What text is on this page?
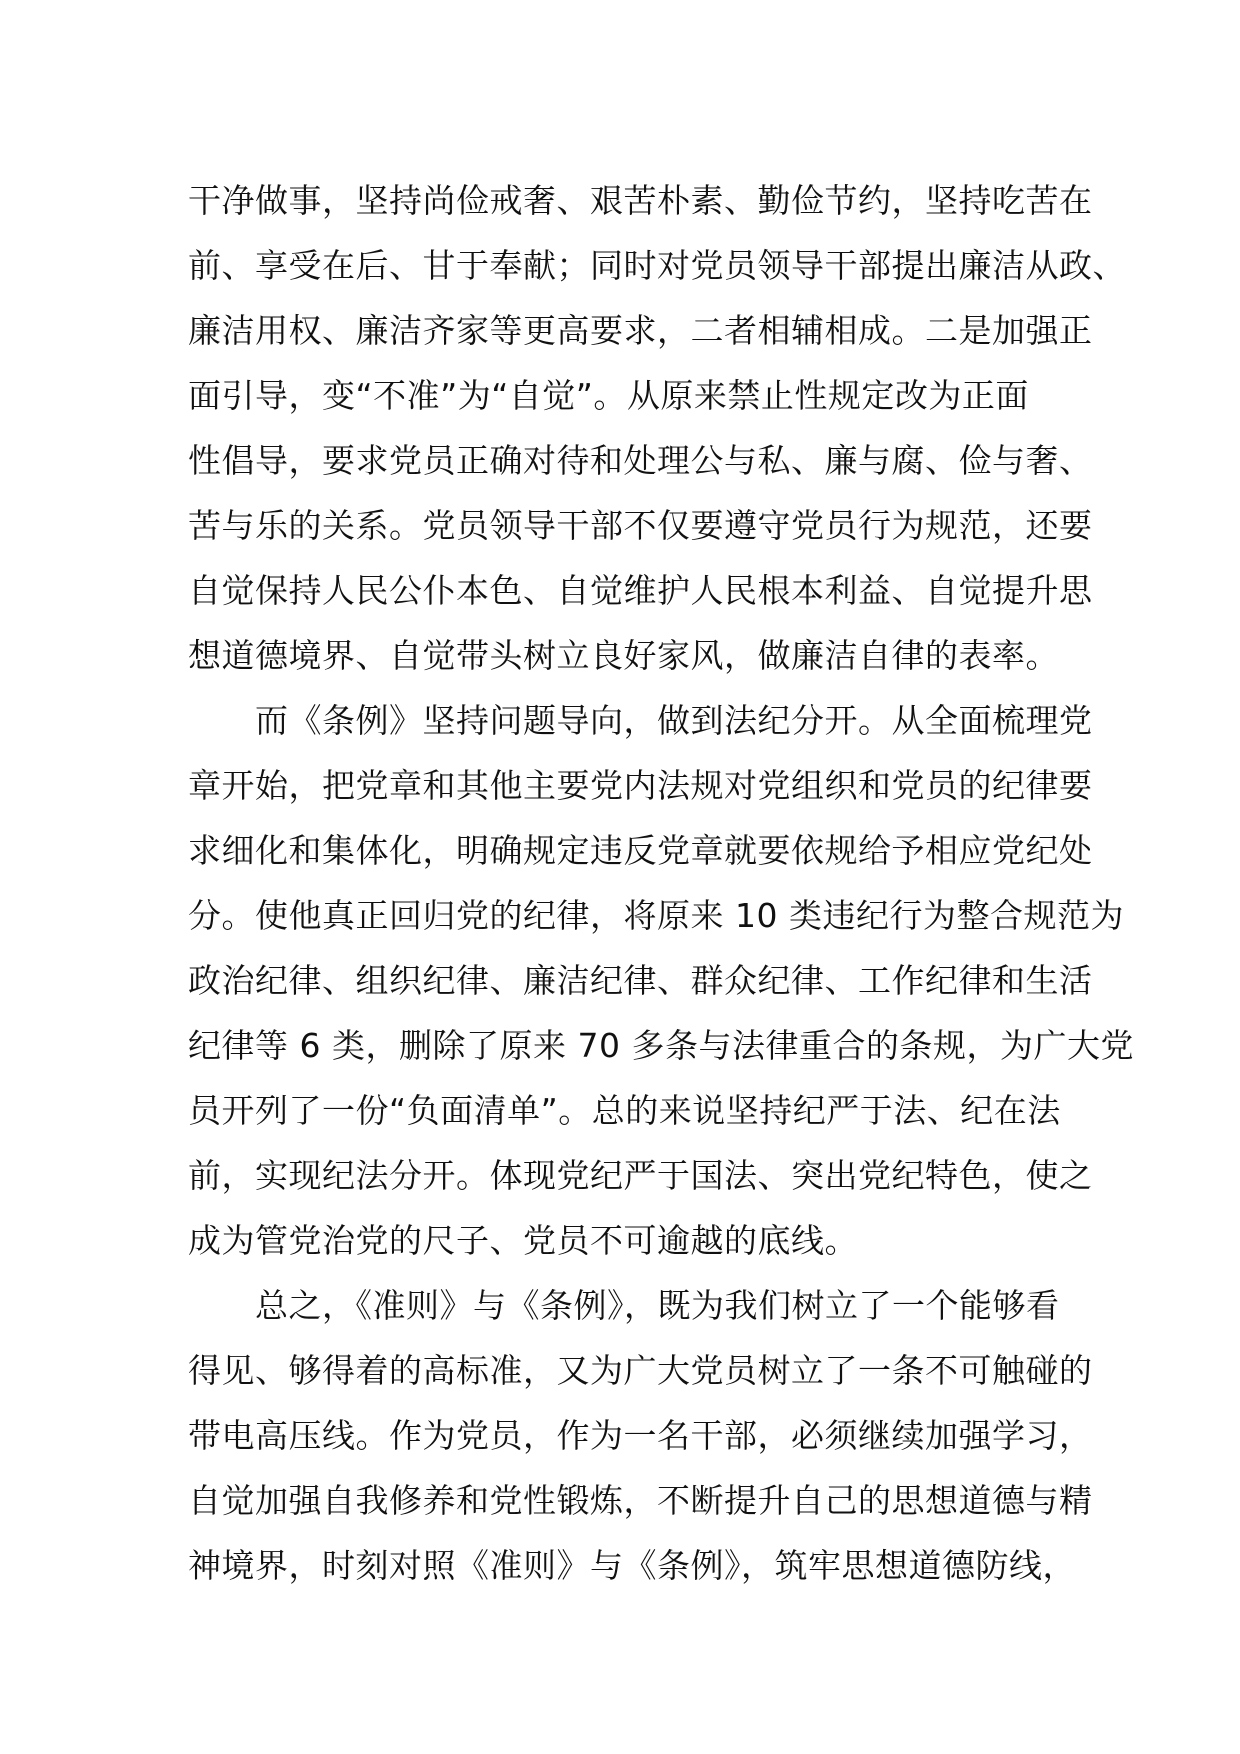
干净做事，坚持尚俭戒奢、艰苦朴素、勤俭节约，坚持吃苦在
前、享受在后、甘于奉献；同时对党员领导干部提出廉洁从政、
廉洁用权、廉洁齐家等更高要求，二者相辅相成。二是加强正
面引导，变“不准”为“自觉”。从原来禁止性规定改为正面
性倡导，要求党员正确对待和处理公与私、廉与腐、俭与奢、
苦与乐的关系。党员领导干部不仅要遵守党员行为规范，还要
自觉保持人民公仆本色、自觉维护人民根本利益、自觉提升思
想道德境界、自觉带头树立良好家风，做廉洁自律的表率。
　　而《条例》坚持问题导向，做到法纪分开。从全面梳理党
章开始，把党章和其他主要党内法规对党组织和党员的纪律要
求细化和集体化，明确规定违反党章就要依规给予相应党纪处
分。使他真正回归党的纪律，将原来 10 类违纪行为整合规范为
政治纪律、组织纪律、廉洁纪律、群众纪律、工作纪律和生活
纪律等 6 类，删除了原来 70 多条与法律重合的条规，为广大党
员开列了一份“负面清单”。总的来说坚持纪严于法、纪在法
前，实现纪法分开。体现党纪严于国法、突出党纪特色，使之
成为管党治党的尺子、党员不可逾越的底线。
　　总之，《准则》与《条例》，既为我们树立了一个能够看
得见、够得着的高标准，又为广大党员树立了一条不可触碰的
带电高压线。作为党员，作为一名干部，必须继续加强学习，
自觉加强自我修养和党性锻炼，不断提升自己的思想道德与精
神境界，时刻对照《准则》与《条例》，筑牢思想道德防线，
